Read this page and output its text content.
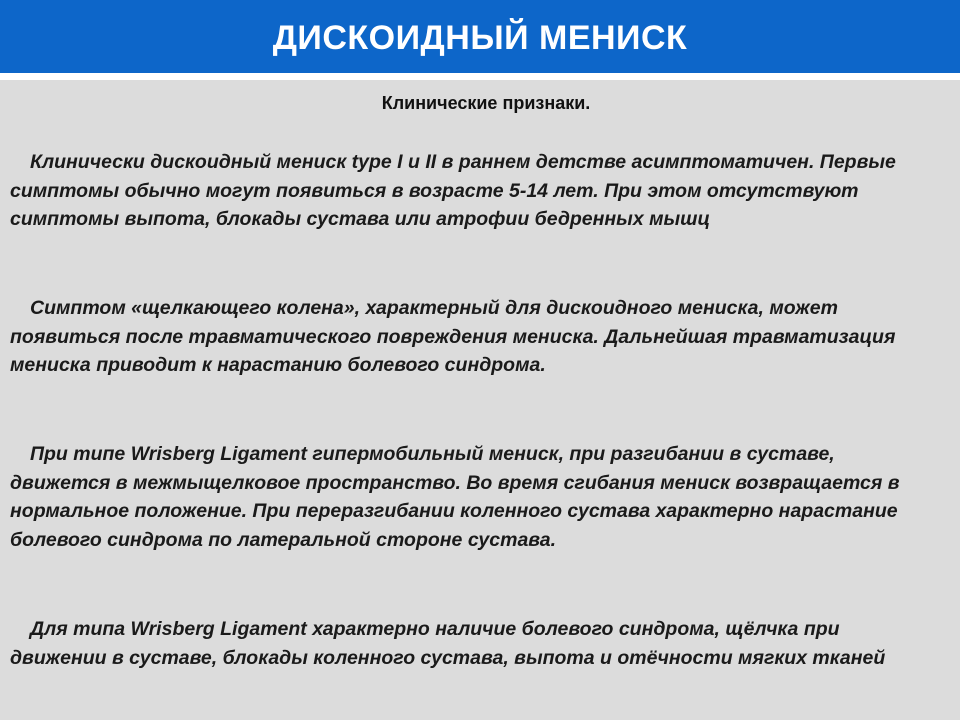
ДИСКОИДНЫЙ МЕНИСК
Клинические признаки.

Клинически дискоидный мениск type I и II в раннем детстве асимптоматичен. Первые симптомы обычно могут появиться в возрасте 5-14 лет. При этом отсутствуют симптомы выпота, блокады сустава или атрофии бедренных мышц

Симптом «щелкающего колена», характерный для дискоидного мениска, может появиться после травматического повреждения мениска. Дальнейшая травматизация мениска приводит к нарастанию болевого синдрома.

При типе Wrisberg Ligament гипермобильный мениск, при разгибании в суставе, движется в межмыщелковое пространство. Во время сгибания мениск возвращается в нормальное положение. При переразгибании коленного сустава характерно нарастание болевого синдрома по латеральной стороне сустава.

Для типа Wrisberg Ligament характерно наличие болевого синдрома, щёлчка при движении в суставе, блокады коленного сустава, выпота и отёчности мягких тканей
